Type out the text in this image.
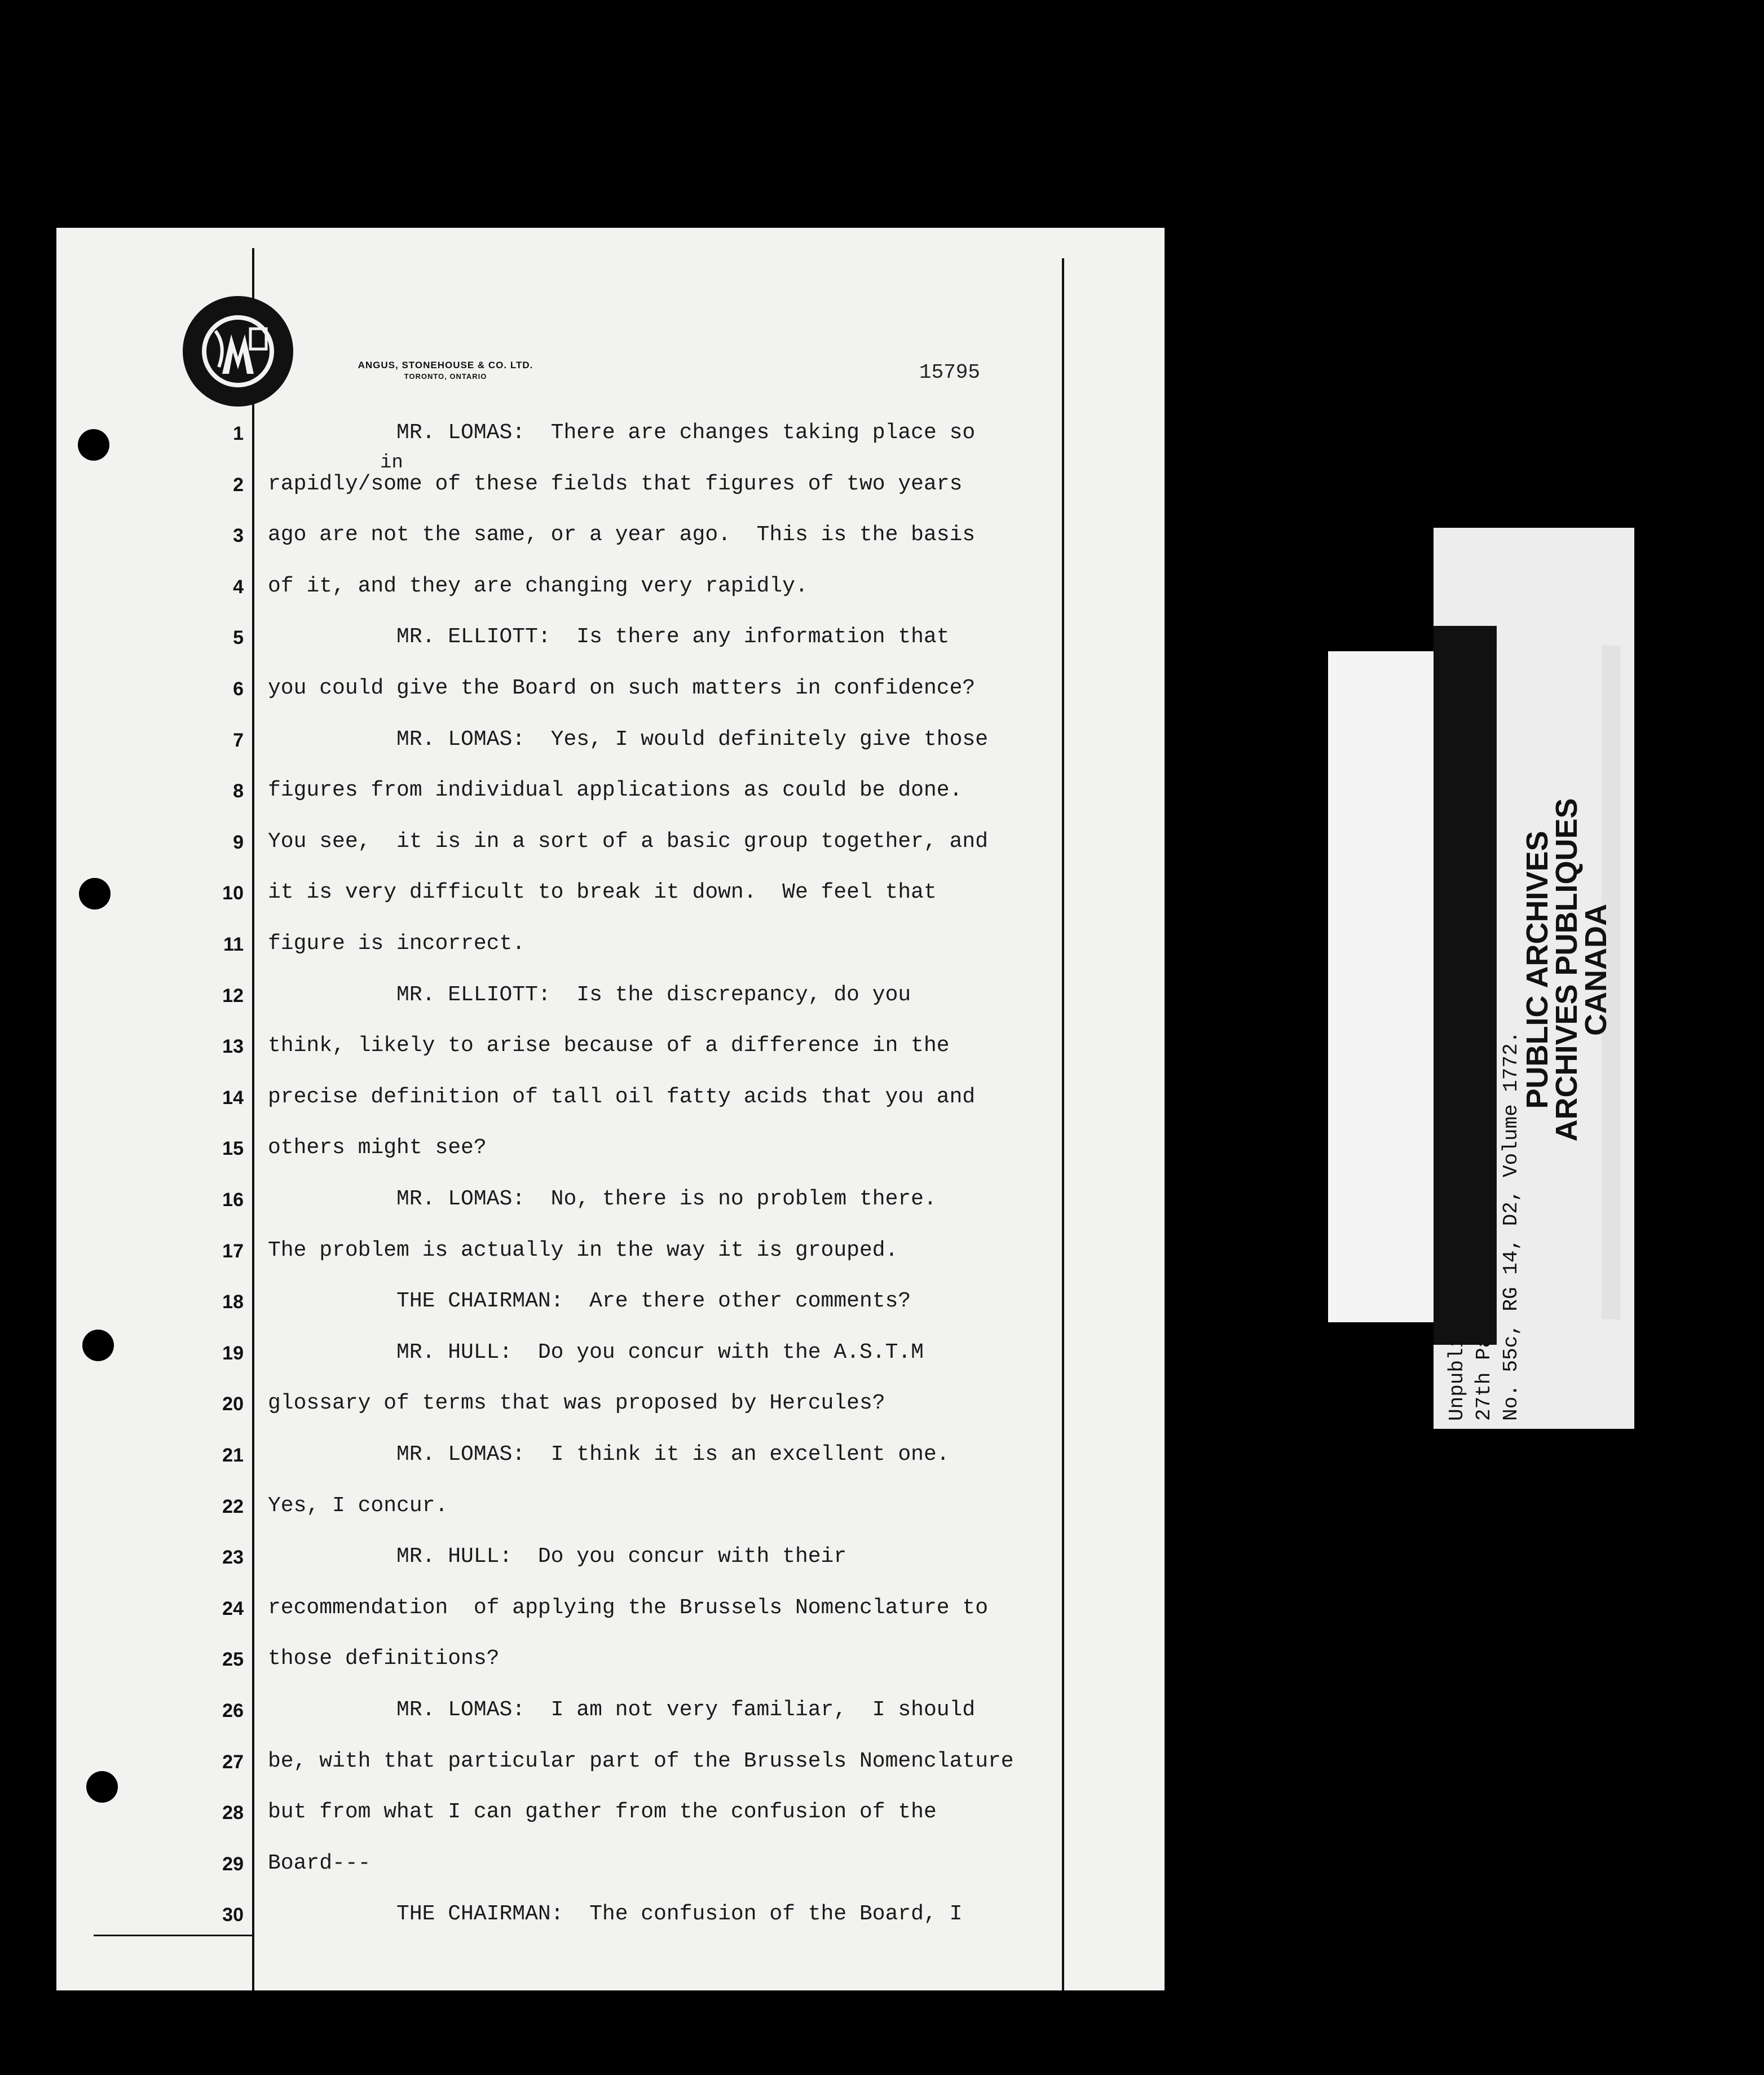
ANGUS, STONEHOUSE & CO. LTD.
TORONTO, ONTARIO	15795
in
1 MR. LOMAS:  There are changes taking place so
2 rapidly/some of these fields that figures of two years
3 ago are not the same, or a year ago.  This is the basis
4 of it, and they are changing very rapidly.
5 MR. ELLIOTT:  Is there any information that
6 you could give the Board on such matters in confidence?
7 MR. LOMAS:  Yes, I would definitely give those
8 figures from individual applications as could be done.
9 You see,  it is in a sort of a basic group together, and
10 it is very difficult to break it down.  We feel that
11 figure is incorrect.
12 MR. ELLIOTT:  Is the discrepancy, do you
13 think, likely to arise because of a difference in the
14 precise definition of tall oil fatty acids that you and
15 others might see?
16 MR. LOMAS:  No, there is no problem there.
17 The problem is actually in the way it is grouped.
18 THE CHAIRMAN:  Are there other comments?
19 MR. HULL:  Do you concur with the A.S.T.M
20 glossary of terms that was proposed by Hercules?
21 MR. LOMAS:  I think it is an excellent one.
22 Yes, I concur.
23 MR. HULL:  Do you concur with their
24 recommendation  of applying the Brussels Nomenclature to
25 those definitions?
26 MR. LOMAS:  I am not very familiar,  I should
27 be, with that particular part of the Brussels Nomenclature
28 but from what I can gather from the confusion of the
29 Board---
30 THE CHAIRMAN:  The confusion of the Board, I
Unpublished Sessional Papers, 1st Session of the 27th Parliament, 18 January 1966 - 8 May 1967, No. 55c, RG 14, D2, Volume 1772.
PUBLIC ARCHIVES
ARCHIVES PUBLIQUES
CANADA
